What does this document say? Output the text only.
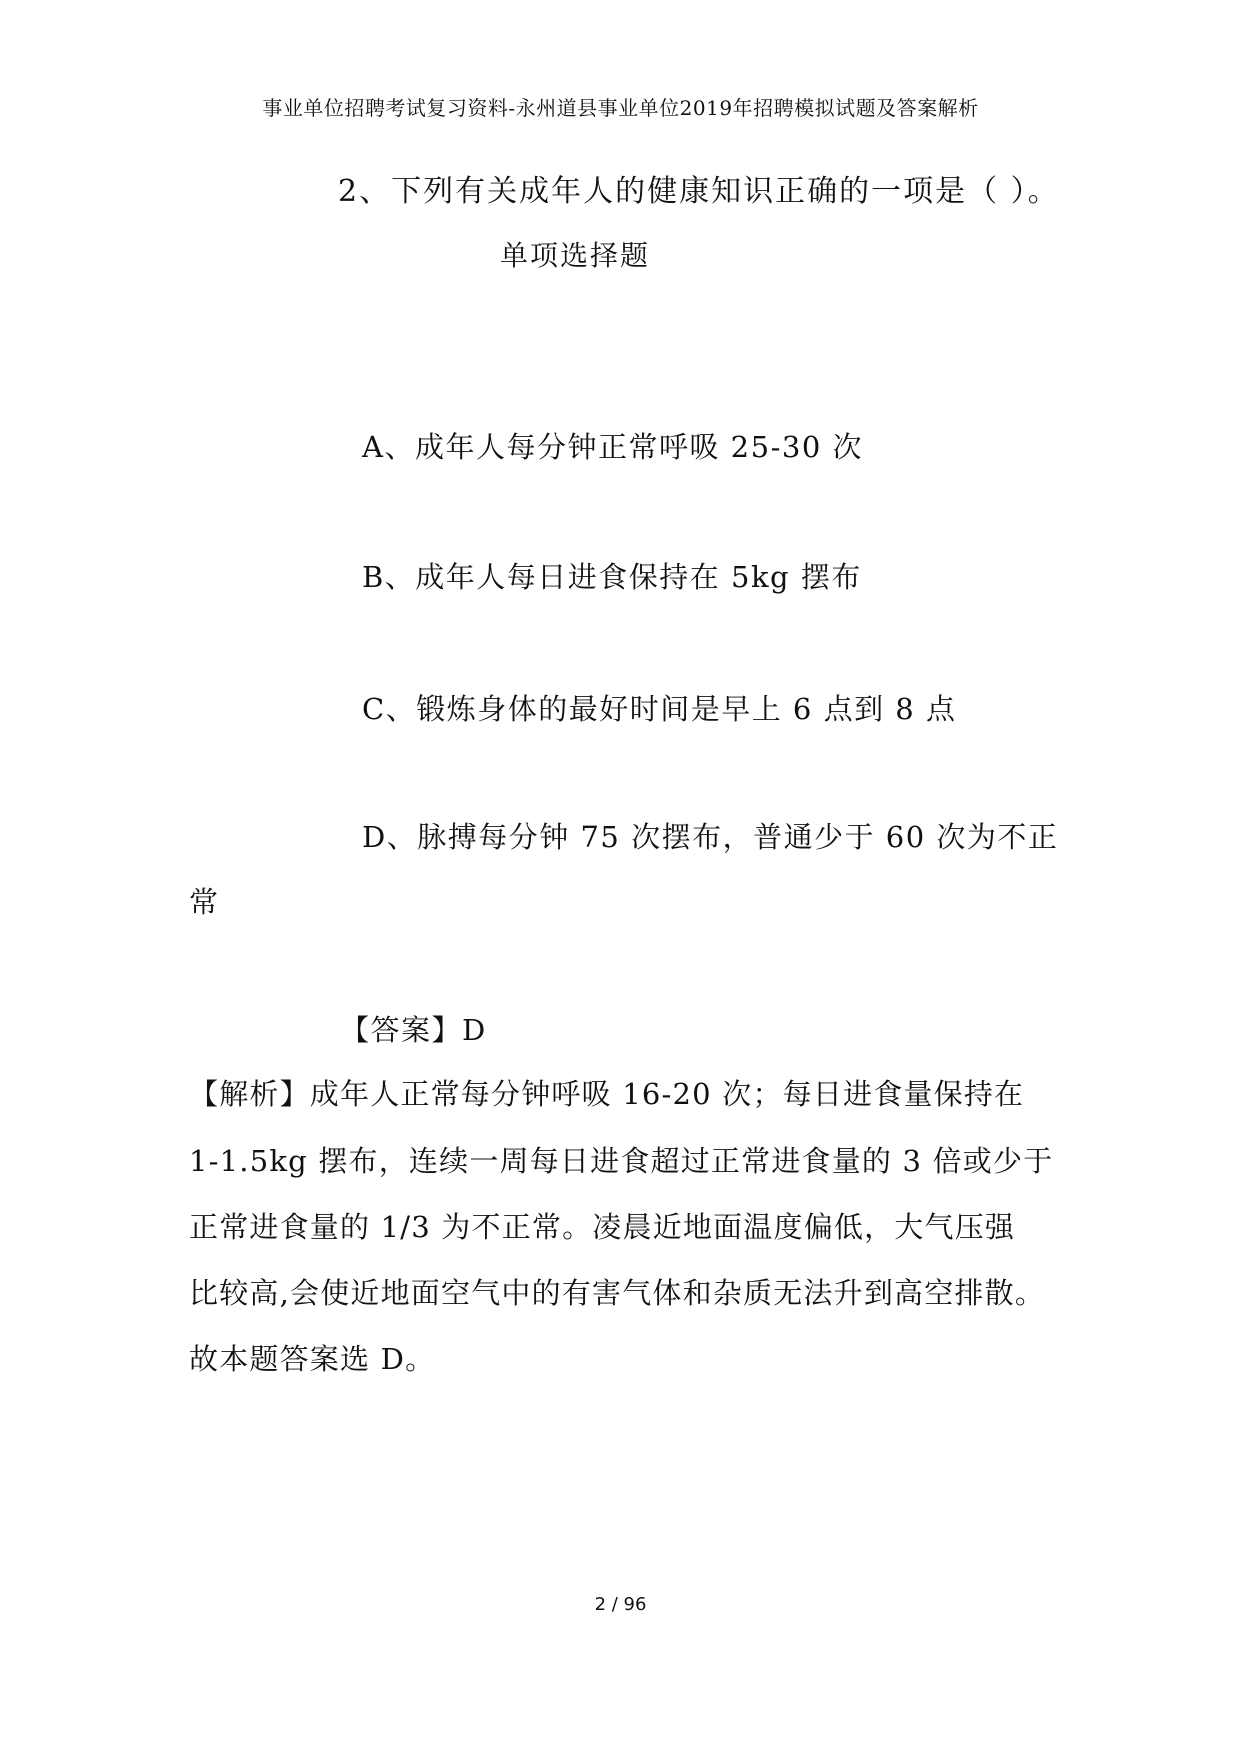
事业单位招聘考试复习资料-永州道县事业单位2019年招聘模拟试题及答案解析
2、下列有关成年人的健康知识正确的一项是（ ）。
单项选择题
A、成年人每分钟正常呼吸 25-30 次
B、成年人每日进食保持在 5kg 摆布
C、锻炼身体的最好时间是早上 6 点到 8 点
D、脉搏每分钟 75 次摆布，普通少于 60 次为不正
常
【答案】D
【解析】成年人正常每分钟呼吸 16-20 次；每日进食量保持在
1-1.5kg 摆布，连续一周每日进食超过正常进食量的 3 倍或少于
正常进食量的 1/3 为不正常。凌晨近地面温度偏低，大气压强
比较高,会使近地面空气中的有害气体和杂质无法升到高空排散。
故本题答案选 D。
2 / 96
